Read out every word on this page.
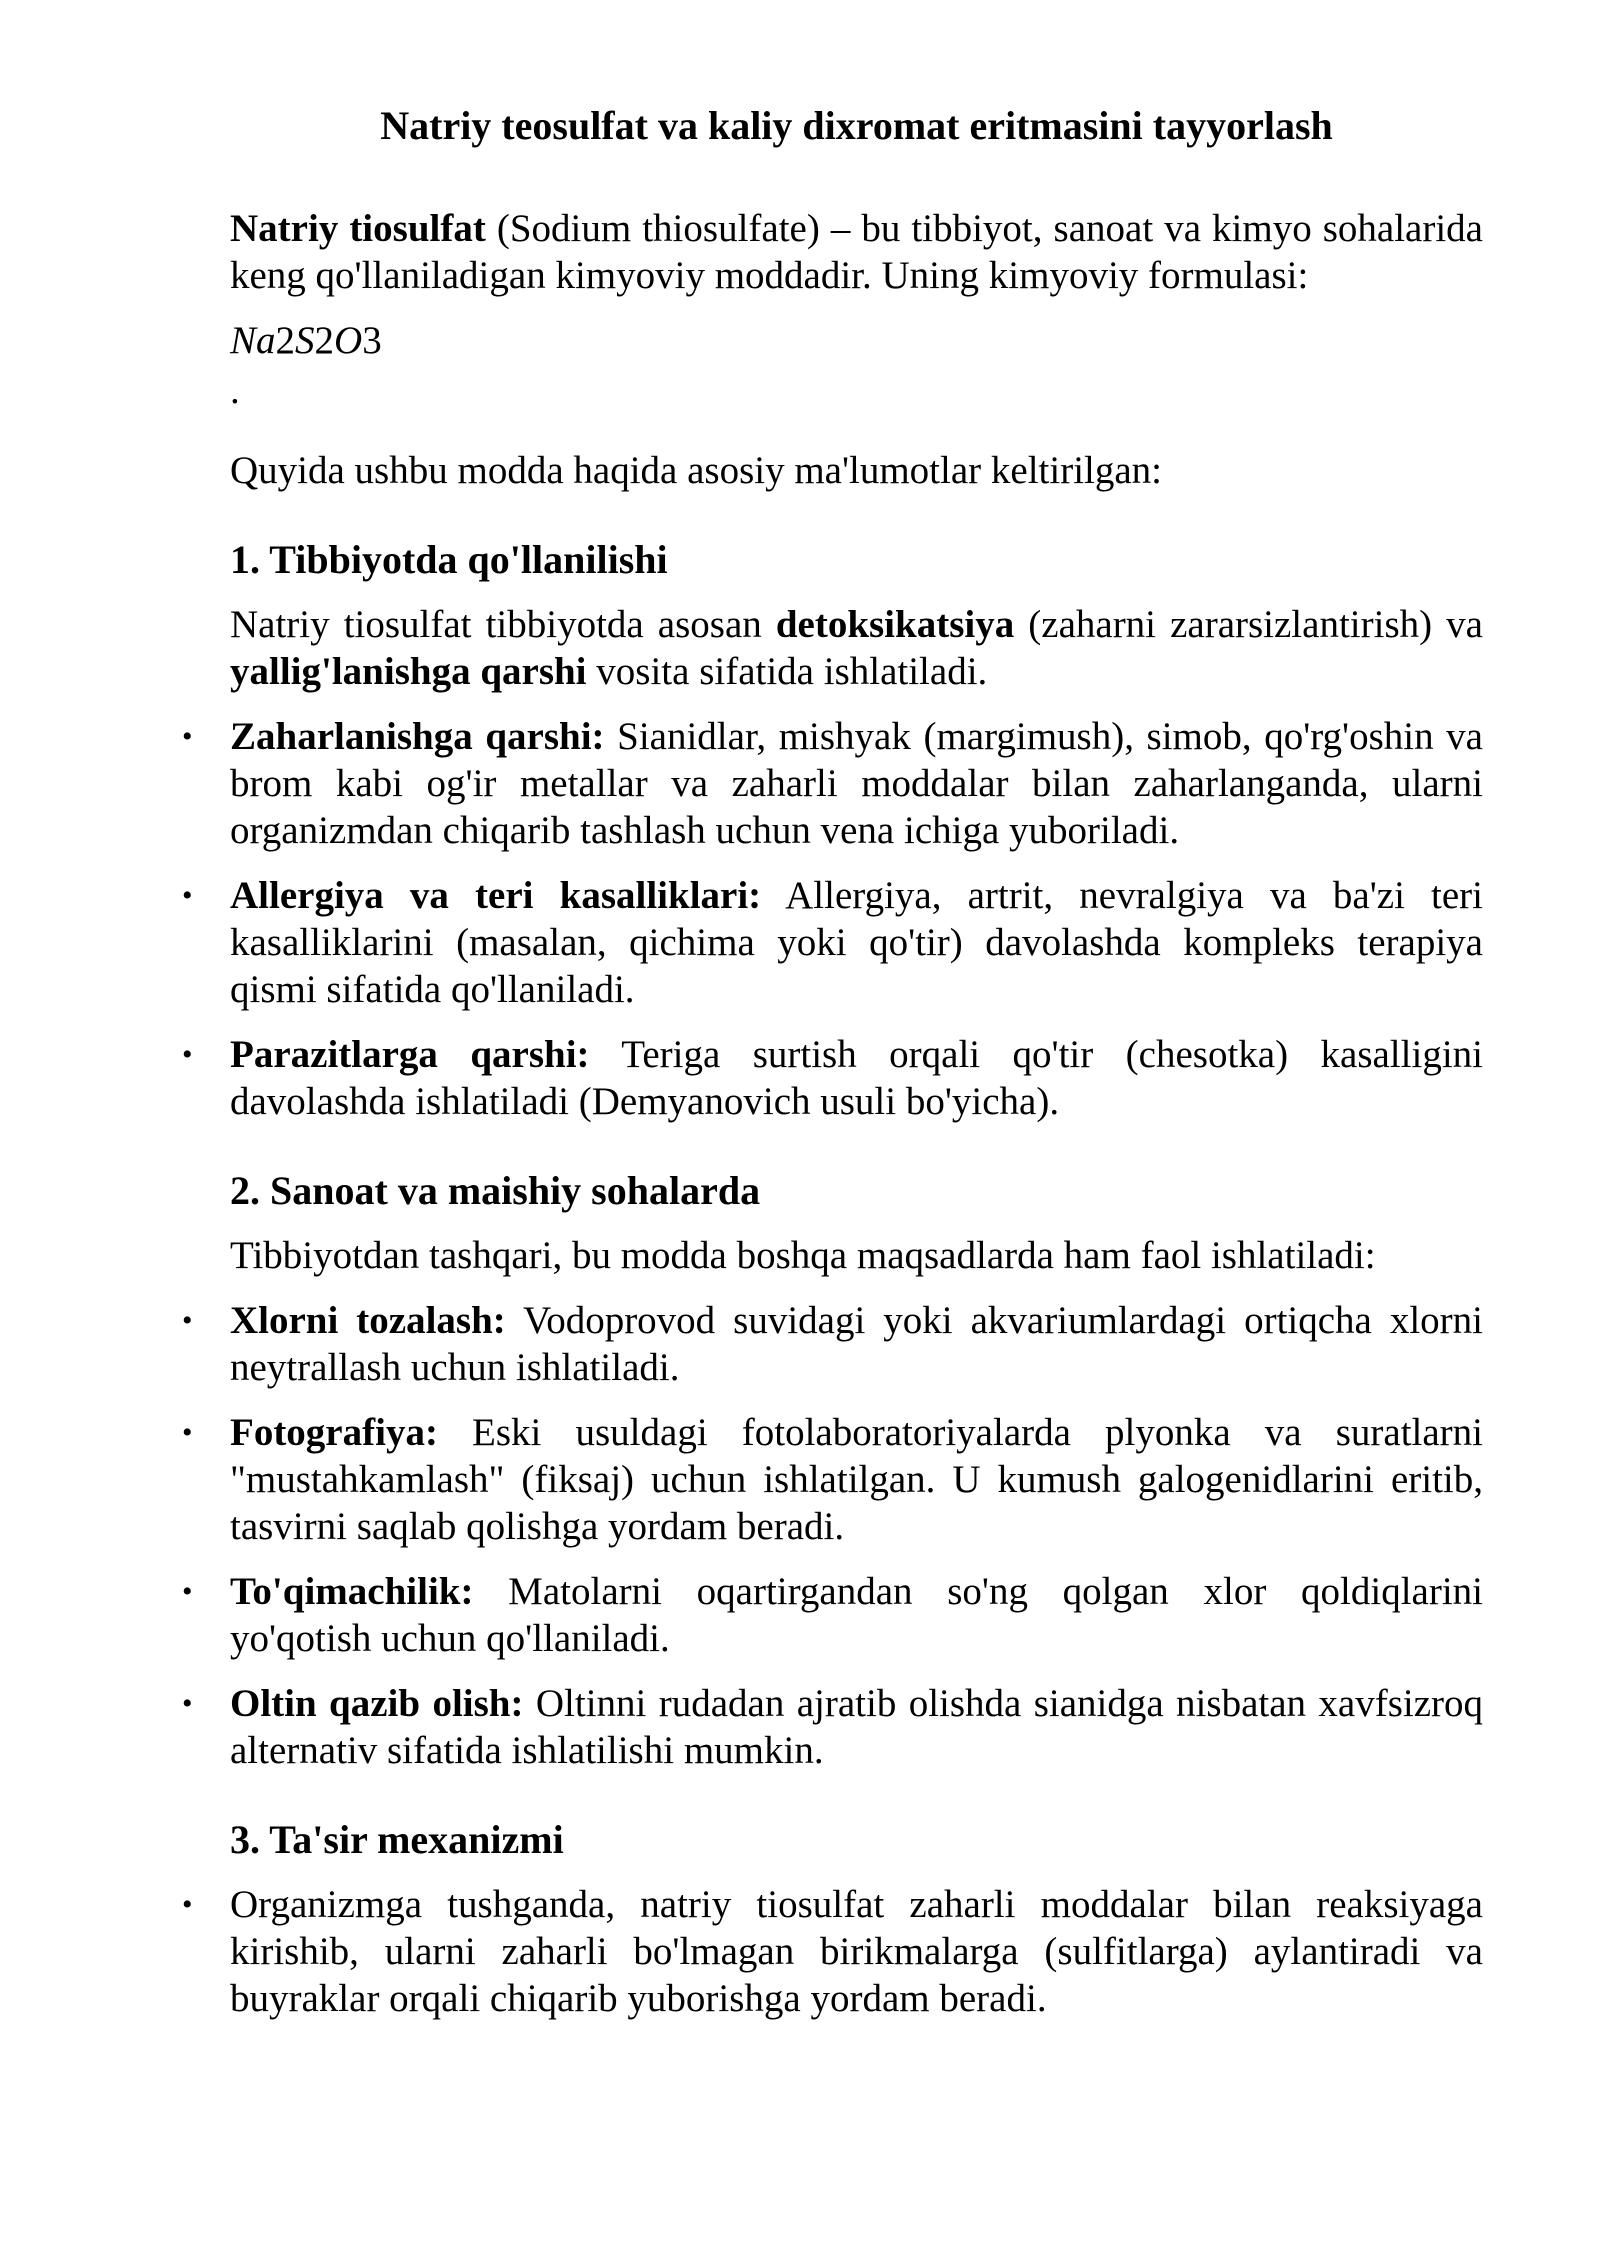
Natriy teosulfat va kaliy dixromat eritmasini tayyorlash

Natriy tiosulfat (Sodium thiosulfate) – bu tibbiyot, sanoat va kimyo sohalarida keng qo'llaniladigan kimyoviy moddadir. Uning kimyoviy formulasi:

Na2S2O3

.

Quyida ushbu modda haqida asosiy ma'lumotlar keltirilgan:

1. Tibbiyotda qo'llanilishi

Natriy tiosulfat tibbiyotda asosan detoksikatsiya (zaharni zararsizlantirish) va yallig'lanishga qarshi vosita sifatida ishlatiladi.

• Zaharlanishga qarshi: Sianidlar, mishyak (margimush), simob, qo'rg'oshin va brom kabi og'ir metallar va zaharli moddalar bilan zaharlanganda, ularni organizmdan chiqarib tashlash uchun vena ichiga yuboriladi.
• Allergiya va teri kasalliklari: Allergiya, artrit, nevralgiya va ba'zi teri kasalliklarini (masalan, qichima yoki qo'tir) davolashda kompleks terapiya qismi sifatida qo'llaniladi.
• Parazitlarga qarshi: Teriga surtish orqali qo'tir (chesotka) kasalligini davolashda ishlatiladi (Demyanovich usuli bo'yicha).
2. Sanoat va maishiy sohalarda

Tibbiyotdan tashqari, bu modda boshqa maqsadlarda ham faol ishlatiladi:

• Xlorni tozalash: Vodoprovod suvidagi yoki akvariumlardagi ortiqcha xlorni neytrallash uchun ishlatiladi.
• Fotografiya: Eski usuldagi fotolaboratoriyalarda plyonka va suratlarni "mustahkamlash" (fiksaj) uchun ishlatilgan. U kumush galogenidlarini eritib, tasvirni saqlab qolishga yordam beradi.
• To'qimachilik: Matolarni oqartirgandan so'ng qolgan xlor qoldiqlarini yo'qotish uchun qo'llaniladi.
• Oltin qazib olish: Oltinni rudadan ajratib olishda sianidga nisbatan xavfsizroq alternativ sifatida ishlatilishi mumkin.
3. Ta'sir mexanizmi
• Organizmga tushganda, natriy tiosulfat zaharli moddalar bilan reaksiyaga kirishib, ularni zaharli bo'lmagan birikmalarga (sulfitlarga) aylantiradi va buyraklar orqali chiqarib yuborishga yordam beradi.
